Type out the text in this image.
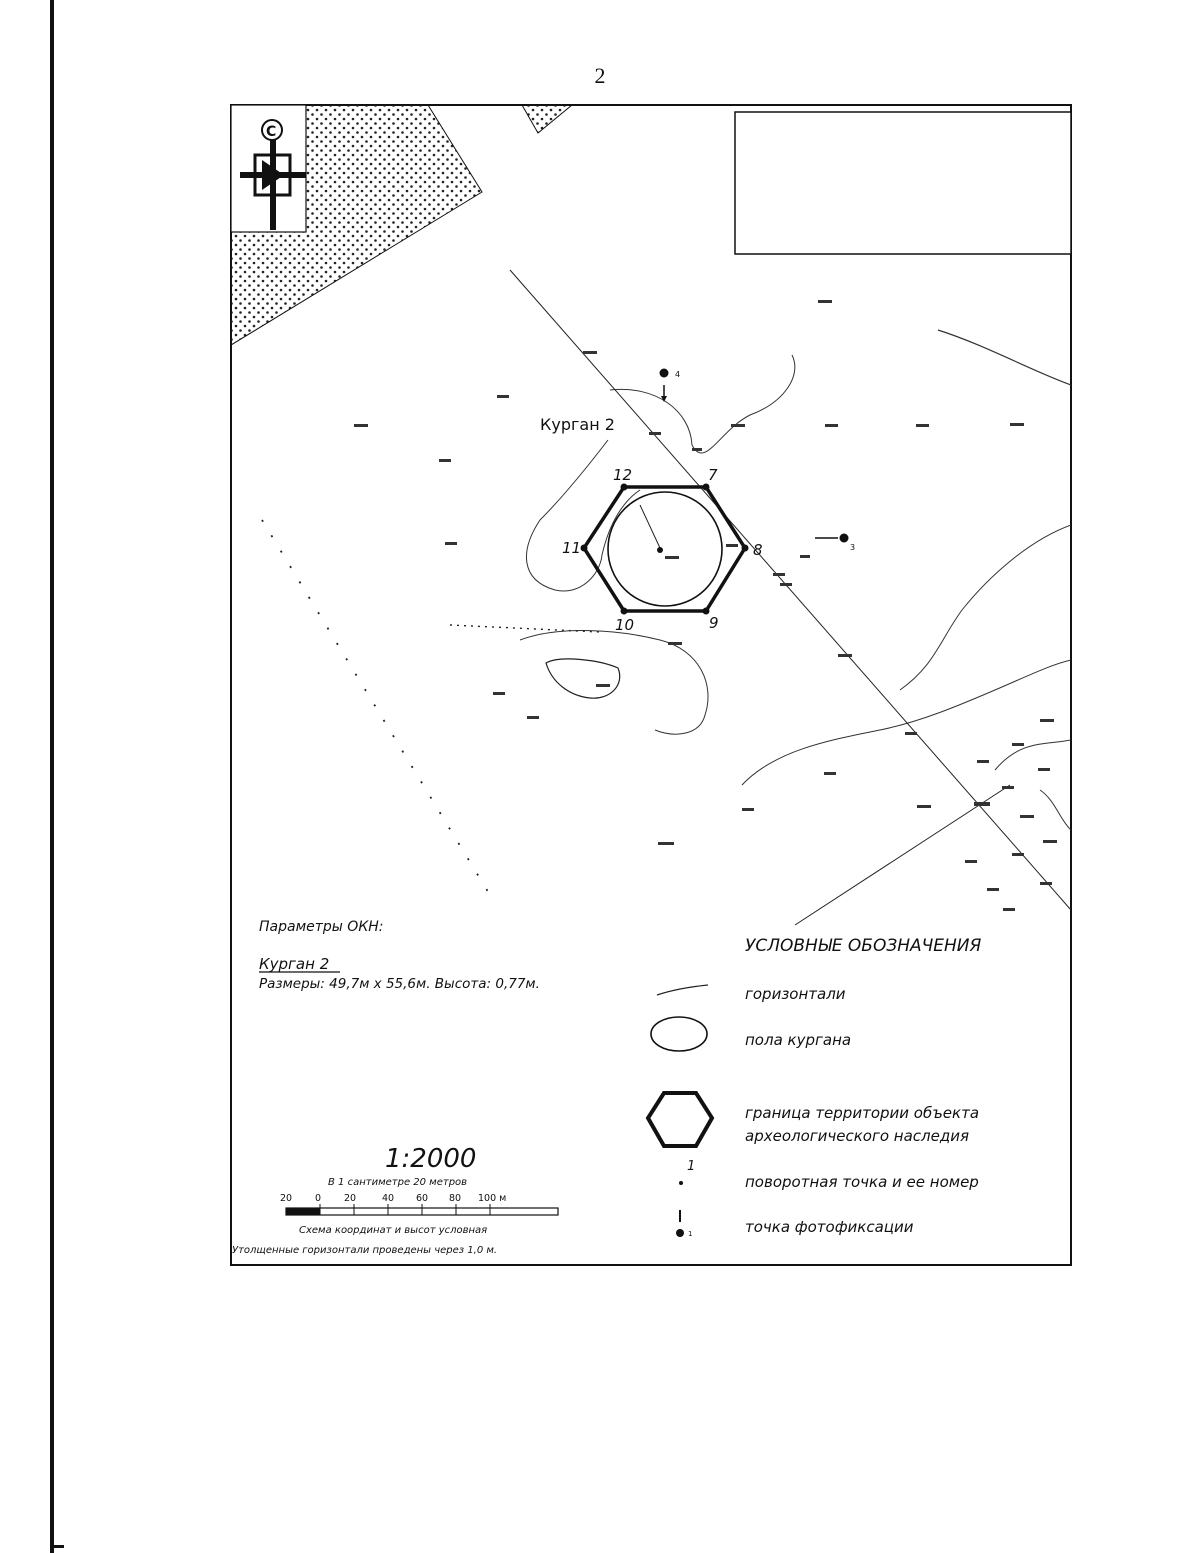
2
С
12	7
8
9
10
11
Курган 2
4
3
Параметры ОКН:
Курган 2
Размеры: 49,7м x 55,6м. Высота: 0,77м.
УСЛОВНЫЕ ОБОЗНАЧЕНИЯ
горизонтали
пола кургана
граница территории объекта
археологического наследия
1
поворотная точка и ее номер
1	точка фотофиксации
1:2000
В 1 сантиметре 20 метров
20 0 20	40 60 80 100 м
Схема координат и высот условная
Утолщенные горизонтали проведены через 1,0 м.
